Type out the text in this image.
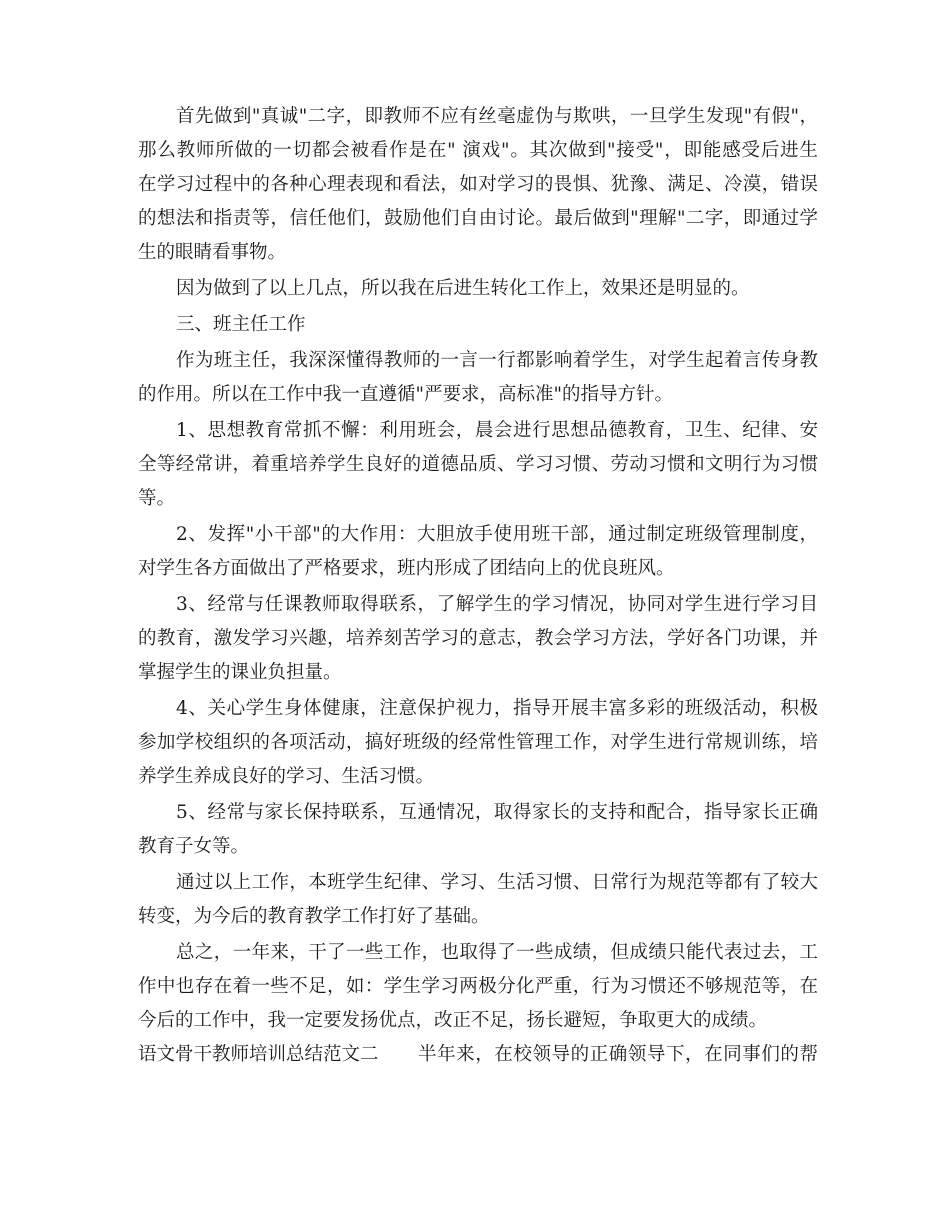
首先做到"真诚"二字，即教师不应有丝毫虚伪与欺哄，一旦学生发现"有假"，
那么教师所做的一切都会被看作是在" 演戏"。其次做到"接受"，即能感受后进生
在学习过程中的各种心理表现和看法，如对学习的畏惧、犹豫、满足、冷漠，错误
的想法和指责等，信任他们，鼓励他们自由讨论。最后做到"理解"二字，即通过学
生的眼睛看事物。
因为做到了以上几点，所以我在后进生转化工作上，效果还是明显的。
三、班主任工作
作为班主任，我深深懂得教师的一言一行都影响着学生，对学生起着言传身教
的作用。所以在工作中我一直遵循"严要求，高标准"的指导方针。
1、思想教育常抓不懈：利用班会，晨会进行思想品德教育，卫生、纪律、安
全等经常讲，着重培养学生良好的道德品质、学习习惯、劳动习惯和文明行为习惯
等。
2、发挥"小干部"的大作用：大胆放手使用班干部，通过制定班级管理制度，
对学生各方面做出了严格要求，班内形成了团结向上的优良班风。
3、经常与任课教师取得联系，了解学生的学习情况，协同对学生进行学习目
的教育，激发学习兴趣，培养刻苦学习的意志，教会学习方法，学好各门功课，并
掌握学生的课业负担量。
4、关心学生身体健康，注意保护视力，指导开展丰富多彩的班级活动，积极
参加学校组织的各项活动，搞好班级的经常性管理工作，对学生进行常规训练，培
养学生养成良好的学习、生活习惯。
5、经常与家长保持联系，互通情况，取得家长的支持和配合，指导家长正确
教育子女等。
通过以上工作，本班学生纪律、学习、生活习惯、日常行为规范等都有了较大
转变，为今后的教育教学工作打好了基础。
总之，一年来，干了一些工作，也取得了一些成绩，但成绩只能代表过去，工
作中也存在着一些不足，如：学生学习两极分化严重，行为习惯还不够规范等，在
今后的工作中，我一定要发扬优点，改正不足，扬长避短，争取更大的成绩。
语文骨干教师培训总结范文二 半年来，在校领导的正确领导下，在同事们的帮
